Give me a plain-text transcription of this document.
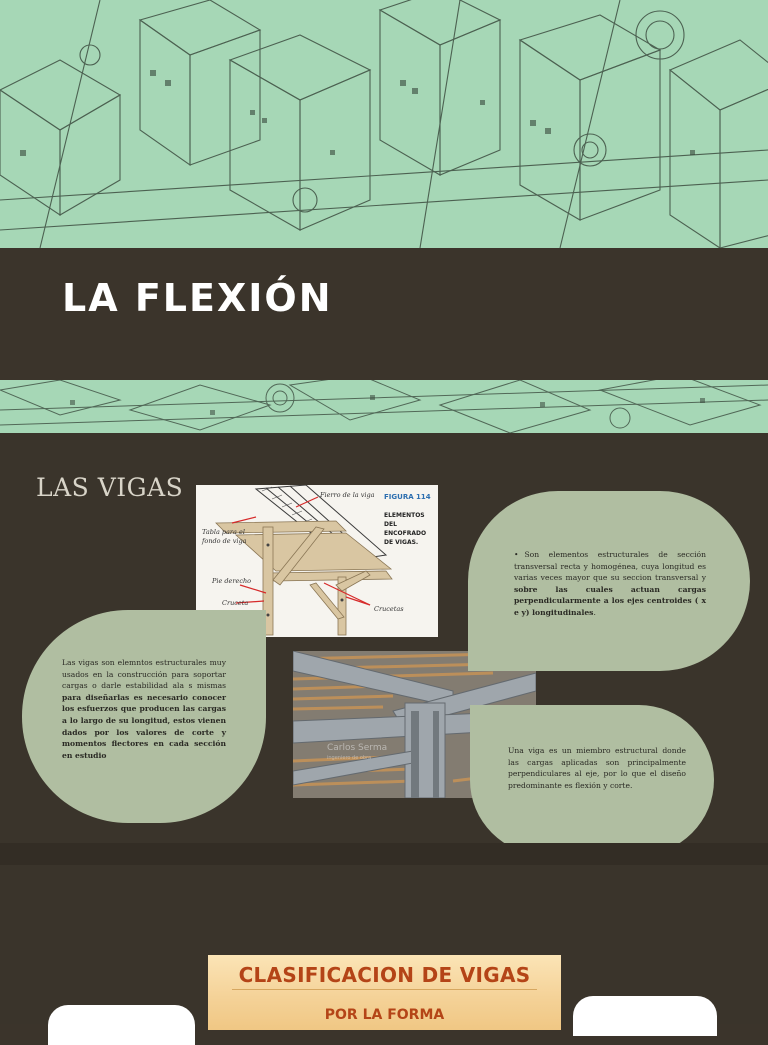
LA FLEXIÓN
LAS VIGAS	Fierro de la viga
Tabla para el
fondo de viga
Pie derecho
Cruceta
Crucetas
FIGURA 114
ELEMENTOS DEL ENCOFRADO DE VIGAS.
Carlos Serma
ingeniero de obra
• Son elementos estructurales de sección transversal recta y homogénea, cuya longitud es varias veces mayor que su seccion transversal y sobre las cuales actuan cargas perpendicularmente a los ejes centroides ( x e y) longitudinales.
Una viga es un miembro estructural donde las cargas aplicadas son principalmente perpendiculares al eje, por lo que el diseño predominante es flexión y corte.
Las vigas son elemntos estructurales muy usados en la construcción para soportar cargas o darle estabilidad ala s mismas para diseñarlas es necesario conocer los esfuerzos que producen las cargas a lo largo de su longitud, estos vienen dados por los valores de corte y momentos flectores en cada sección en estudio
CLASIFICACION DE VIGAS
POR LA FORMA
